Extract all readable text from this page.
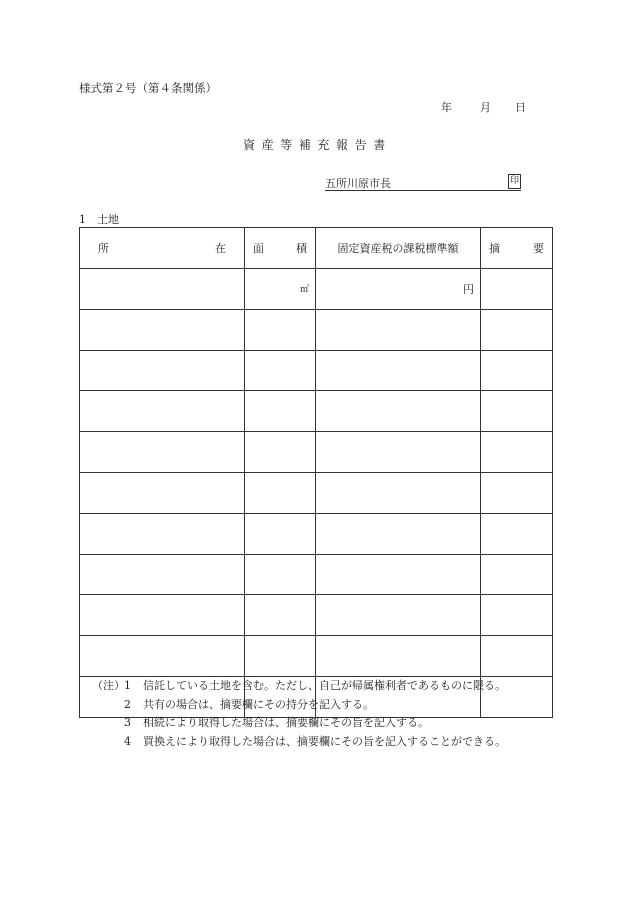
様式第２号（第４条関係）
年	月 日
資産等補充報告書
五所川原市長	印
1　土地
所 在	面 積	固定資産税の課税標準額	摘 要

	㎡	円	

（注） 1	信託している土地を含む。ただし、自己が帰属権利者であるものに限る。
2	共有の場合は、摘要欄にその持分を記入する。
3	相続により取得した場合は、摘要欄にその旨を記入する。
4	買換えにより取得した場合は、摘要欄にその旨を記入することができる。
